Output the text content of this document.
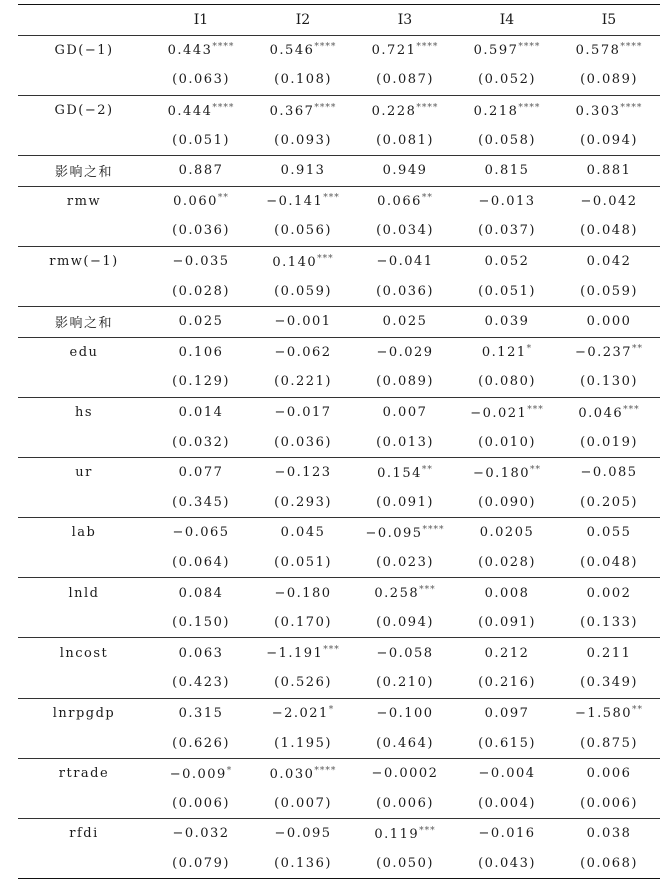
	I1	I2	I3	I4	I5
GD(−1)	0.443****	0.546****	0.721****	0.597****	0.578****
	(0.063)	(0.108)	(0.087)	(0.052)	(0.089)
GD(−2)	0.444****	0.367****	0.228****	0.218****	0.303****
	(0.051)	(0.093)	(0.081)	(0.058)	(0.094)
影响之和	0.887	0.913	0.949	0.815	0.881
rmw	0.060**	−0.141***	0.066**	−0.013	−0.042
	(0.036)	(0.056)	(0.034)	(0.037)	(0.048)
rmw(−1)	−0.035	0.140***	−0.041	0.052	0.042
	(0.028)	(0.059)	(0.036)	(0.051)	(0.059)
影响之和	0.025	−0.001	0.025	0.039	0.000
edu	0.106	−0.062	−0.029	0.121*	−0.237**
	(0.129)	(0.221)	(0.089)	(0.080)	(0.130)
hs	0.014	−0.017	0.007	−0.021***	0.046***
	(0.032)	(0.036)	(0.013)	(0.010)	(0.019)
ur	0.077	−0.123	0.154**	−0.180**	−0.085
	(0.345)	(0.293)	(0.091)	(0.090)	(0.205)
lab	−0.065	0.045	−0.095****	0.0205	0.055
	(0.064)	(0.051)	(0.023)	(0.028)	(0.048)
lnld	0.084	−0.180	0.258***	0.008	0.002
	(0.150)	(0.170)	(0.094)	(0.091)	(0.133)
lncost	0.063	−1.191***	−0.058	0.212	0.211
	(0.423)	(0.526)	(0.210)	(0.216)	(0.349)
lnrpgdp	0.315	−2.021*	−0.100	0.097	−1.580**
	(0.626)	(1.195)	(0.464)	(0.615)	(0.875)
rtrade	−0.009*	0.030****	−0.0002	−0.004	0.006
	(0.006)	(0.007)	(0.006)	(0.004)	(0.006)
rfdi	−0.032	−0.095	0.119***	−0.016	0.038
	(0.079)	(0.136)	(0.050)	(0.043)	(0.068)
